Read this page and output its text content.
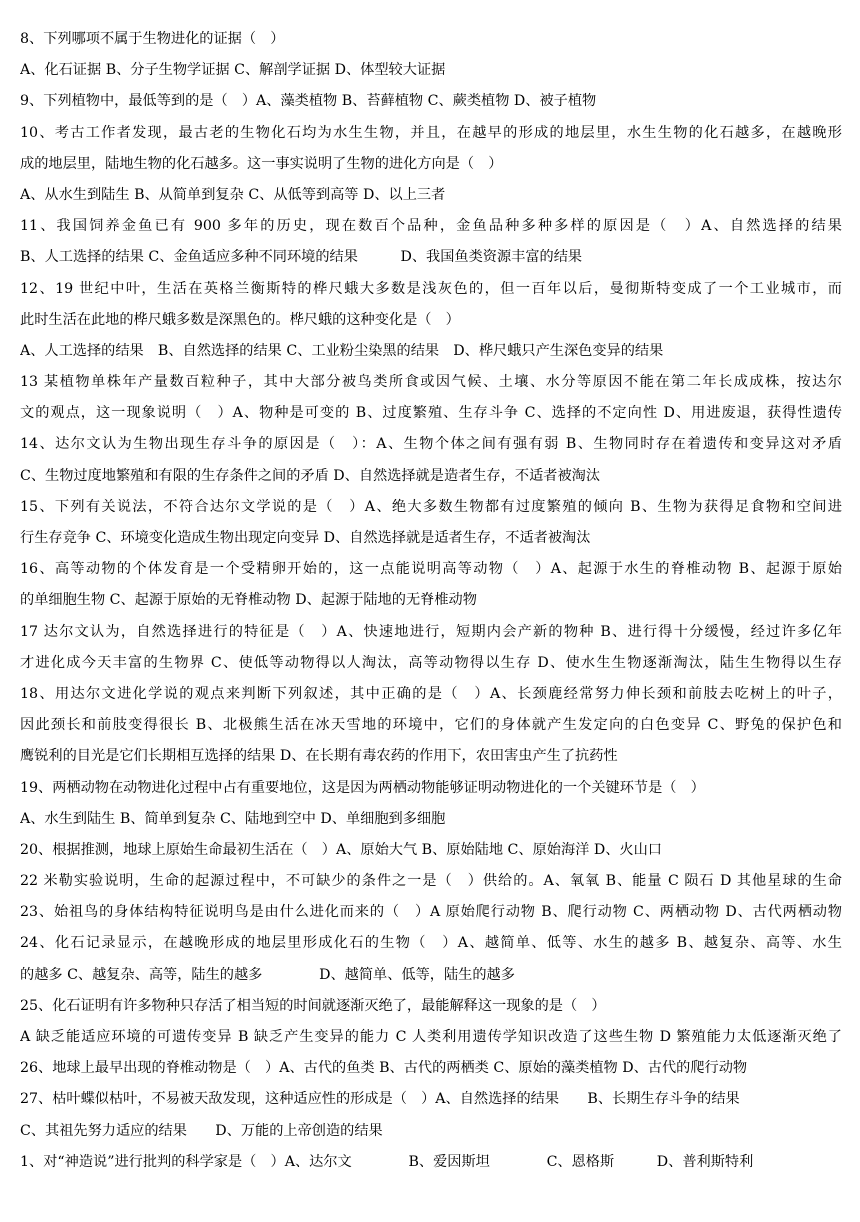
8、下列哪项不属于生物进化的证据（　）
A、化石证据 B、分子生物学证据 C、解剖学证据 D、体型较大证据
9、下列植物中，最低等到的是（　）A、藻类植物 B、苔藓植物 C、蕨类植物 D、被子植物
10、考古工作者发现，最古老的生物化石均为水生生物，并且，在越早的形成的地层里，水生生物的化石越多，在越晚形
成的地层里，陆地生物的化石越多。这一事实说明了生物的进化方向是（　）
A、从水生到陆生 B、从简单到复杂 C、从低等到高等 D、以上三者
11、我国饲养金鱼已有 900 多年的历史，现在数百个品种，金鱼品种多种多样的原因是（　）A、自然选择的结果
B、人工选择的结果 C、金鱼适应多种不同环境的结果　　　D、我国鱼类资源丰富的结果
12、19 世纪中叶，生活在英格兰衡斯特的桦尺蛾大多数是浅灰色的，但一百年以后，曼彻斯特变成了一个工业城市，而
此时生活在此地的桦尺蛾多数是深黑色的。桦尺蛾的这种变化是（　）
A、人工选择的结果　B、自然选择的结果 C、工业粉尘染黑的结果　D、桦尺蛾只产生深色变异的结果
13 某植物单株年产量数百粒种子，其中大部分被鸟类所食或因气候、土壤、水分等原因不能在第二年长成成株，按达尔
文的观点，这一现象说明（　）A、物种是可变的 B、过度繁殖、生存斗争 C、选择的不定向性 D、用进废退，获得性遗传
14、达尔文认为生物出现生存斗争的原因是（　）：A、生物个体之间有强有弱 B、生物同时存在着遗传和变异这对矛盾
C、生物过度地繁殖和有限的生存条件之间的矛盾 D、自然选择就是造者生存，不适者被淘汰
15、下列有关说法，不符合达尔文学说的是（　）A、绝大多数生物都有过度繁殖的倾向 B、生物为获得足食物和空间进
行生存竞争 C、环境变化造成生物出现定向变异 D、自然选择就是适者生存，不适者被淘汰
16、高等动物的个体发育是一个受精卵开始的，这一点能说明高等动物（　）A、起源于水生的脊椎动物 B、起源于原始
的单细胞生物 C、起源于原始的无脊椎动物 D、起源于陆地的无脊椎动物
17 达尔文认为，自然选择进行的特征是（　）A、快速地进行，短期内会产新的物种 B、进行得十分缓慢，经过许多亿年
才进化成今天丰富的生物界 C、使低等动物得以人淘汰，高等动物得以生存 D、使水生生物逐渐淘汰，陆生生物得以生存
18、用达尔文进化学说的观点来判断下列叙述，其中正确的是（　）A、长颈鹿经常努力伸长颈和前肢去吃树上的叶子，
因此颈长和前肢变得很长 B、北极熊生活在冰天雪地的环境中，它们的身体就产生发定向的白色变异 C、野兔的保护色和
鹰锐利的目光是它们长期相互选择的结果 D、在长期有毒农药的作用下，农田害虫产生了抗药性
19、两栖动物在动物进化过程中占有重要地位，这是因为两栖动物能够证明动物进化的一个关键环节是（　）
A、水生到陆生 B、简单到复杂 C、陆地到空中 D、单细胞到多细胞
20、根据推测，地球上原始生命最初生活在（　）A、原始大气 B、原始陆地 C、原始海洋 D、火山口
22 米勒实验说明，生命的起源过程中，不可缺少的条件之一是（　）供给的。A、氧氧 B、能量 C 陨石 D 其他星球的生命
23、始祖鸟的身体结构特征说明鸟是由什么进化而来的（　）A 原始爬行动物 B、爬行动物 C、两栖动物 D、古代两栖动物
24、化石记录显示，在越晚形成的地层里形成化石的生物（　）A、越简单、低等、水生的越多 B、越复杂、高等、水生
的越多 C、越复杂、高等，陆生的越多　　　　D、越简单、低等，陆生的越多
25、化石证明有许多物种只存活了相当短的时间就逐渐灭绝了，最能解释这一现象的是（　）
A 缺乏能适应环境的可遗传变异 B 缺乏产生变异的能力 C 人类利用遗传学知识改造了这些生物 D 繁殖能力太低逐渐灭绝了
26、地球上最早出现的脊椎动物是（　）A、古代的鱼类 B、古代的两栖类 C、原始的藻类植物 D、古代的爬行动物
27、枯叶蝶似枯叶，不易被天敌发现，这种适应性的形成是（　）A、自然选择的结果　　B、长期生存斗争的结果
C、其祖先努力适应的结果　　D、万能的上帝创造的结果
1、对“神造说”进行批判的科学家是（　）A、达尔文　　　　B、爱因斯坦　　　　C、恩格斯　　　D、普利斯特利
